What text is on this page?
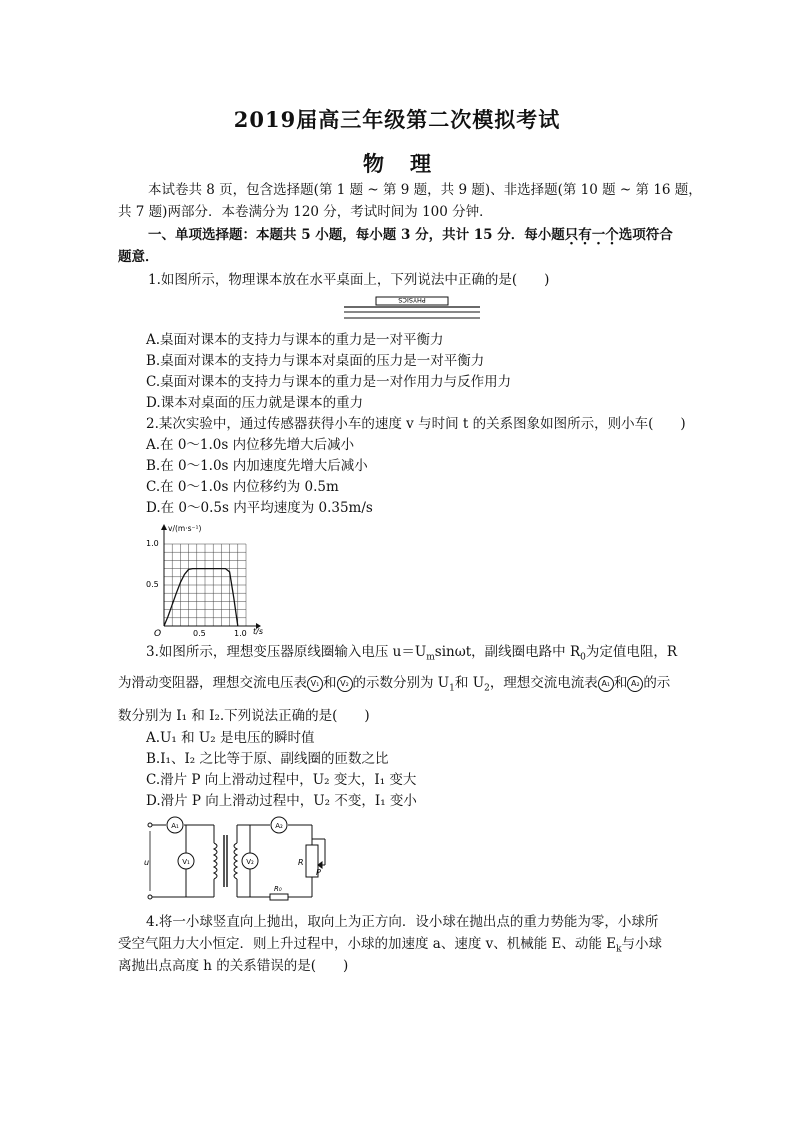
2019届高三年级第二次模拟考试
物理
本试卷共 8 页，包含选择题(第 1 题 ~ 第 9 题，共 9 题)、非选择题(第 10 题 ~ 第 16 题，
共 7 题)两部分．本卷满分为 120 分，考试时间为 100 分钟．
一、单项选择题：本题共 5 小题，每小题 3 分，共计 15 分．每小题只有一个选项符合
题意．
1.如图所示，物理课本放在水平桌面上，下列说法中正确的是(　　)
PHYSICS
A.桌面对课本的支持力与课本的重力是一对平衡力
B.桌面对课本的支持力与课本对桌面的压力是一对平衡力
C.桌面对课本的支持力与课本的重力是一对作用力与反作用力
D.课本对桌面的压力就是课本的重力
2.某次实验中，通过传感器获得小车的速度 v 与时间 t 的关系图象如图所示，则小车(　　)
A.在 0～1.0s 内位移先增大后减小
B.在 0～1.0s 内加速度先增大后减小
C.在 0～1.0s 内位移约为 0.5m
D.在 0～0.5s 内平均速度为 0.35m/s
v/(m·s⁻¹)
t/s
O
1.0
0.5
0.5	1.0
3.如图所示，理想变压器原线圈输入电压 $u=U_m\sin\omega t$，副线圈电路中 $R_0$为定值电阻，R
为滑动变阻器，理想交流电压表 V₁ 和 V₂ 的示数分别为 $U_1$和 $U_2$，理想交流电流表 A₁ 和 A₂ 的示
数分别为 I₁ 和 I₂.下列说法正确的是(　　)
A.U₁ 和 U₂ 是电压的瞬时值
B.I₁、I₂ 之比等于原、副线圈的匝数之比
C.滑片 P 向上滑动过程中，U₂ 变大，I₁ 变大
D.滑片 P 向上滑动过程中，U₂ 不变，I₁ 变小
u
A₁
V₁	V₂
A₂
R
P
R₀
4.将一小球竖直向上抛出，取向上为正方向．设小球在抛出点的重力势能为零，小球所
受空气阻力大小恒定．则上升过程中，小球的加速度 a、速度 v、机械能 E、动能 $E_k$与小球
离抛出点高度 h 的关系错误的是(　　)
